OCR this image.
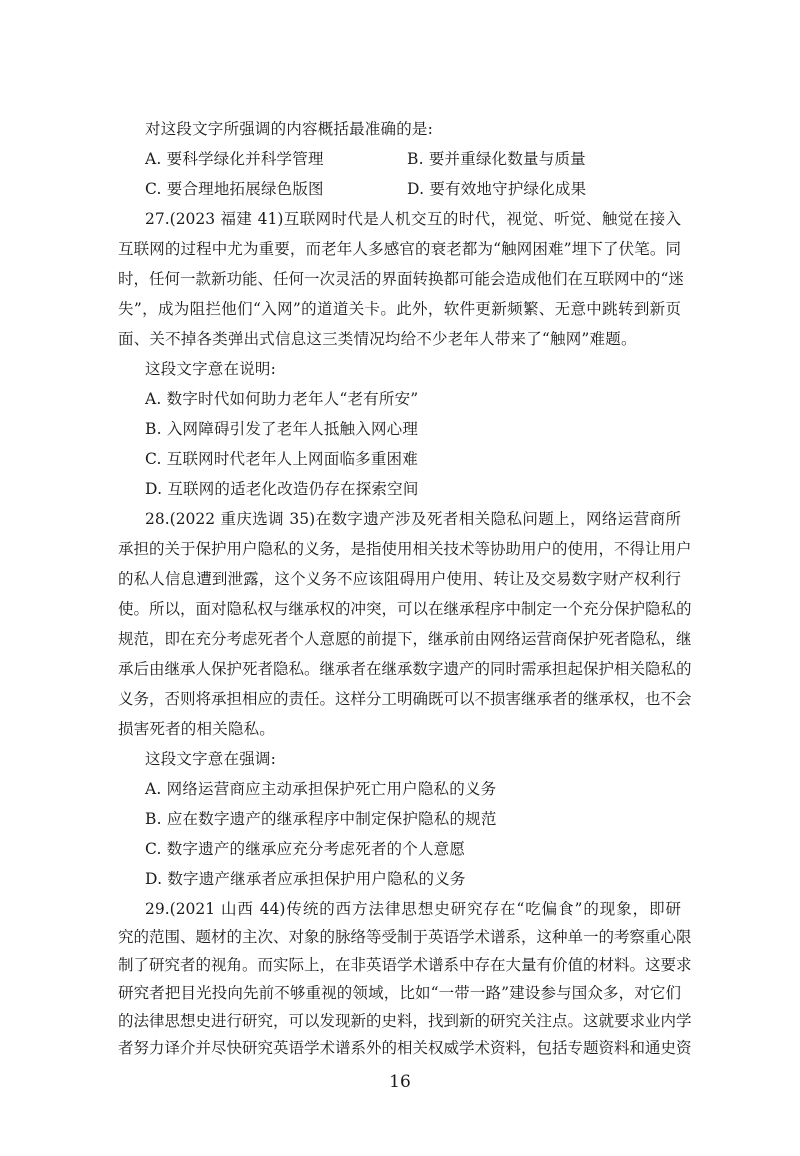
对这段文字所强调的内容概括最准确的是:
A. 要科学绿化并科学管理	B. 要并重绿化数量与质量
C. 要合理地拓展绿色版图	D. 要有效地守护绿化成果
27.(2023 福建 41)互联网时代是人机交互的时代，视觉、听觉、触觉在接入
互联网的过程中尤为重要，而老年人多感官的衰老都为“触网困难”埋下了伏笔。同
时，任何一款新功能、任何一次灵活的界面转换都可能会造成他们在互联网中的“迷
失”，成为阻拦他们“入网”的道道关卡。此外，软件更新频繁、无意中跳转到新页
面、关不掉各类弹出式信息这三类情况均给不少老年人带来了“触网”难题。
这段文字意在说明:
A. 数字时代如何助力老年人“老有所安”
B. 入网障碍引发了老年人抵触入网心理
C. 互联网时代老年人上网面临多重困难
D. 互联网的适老化改造仍存在探索空间
28.(2022 重庆选调 35)在数字遗产涉及死者相关隐私问题上，网络运营商所
承担的关于保护用户隐私的义务，是指使用相关技术等协助用户的使用，不得让用户
的私人信息遭到泄露，这个义务不应该阻碍用户使用、转让及交易数字财产权利行
使。所以，面对隐私权与继承权的冲突，可以在继承程序中制定一个充分保护隐私的
规范，即在充分考虑死者个人意愿的前提下，继承前由网络运营商保护死者隐私，继
承后由继承人保护死者隐私。继承者在继承数字遗产的同时需承担起保护相关隐私的
义务，否则将承担相应的责任。这样分工明确既可以不损害继承者的继承权，也不会
损害死者的相关隐私。
这段文字意在强调:
A. 网络运营商应主动承担保护死亡用户隐私的义务
B. 应在数字遗产的继承程序中制定保护隐私的规范
C. 数字遗产的继承应充分考虑死者的个人意愿
D. 数字遗产继承者应承担保护用户隐私的义务
29.(2021 山西 44)传统的西方法律思想史研究存在“吃偏食”的现象，即研
究的范围、题材的主次、对象的脉络等受制于英语学术谱系，这种单一的考察重心限
制了研究者的视角。而实际上，在非英语学术谱系中存在大量有价值的材料。这要求
研究者把目光投向先前不够重视的领域，比如“一带一路”建设参与国众多，对它们
的法律思想史进行研究，可以发现新的史料，找到新的研究关注点。这就要求业内学
16
者努力译介并尽快研究英语学术谱系外的相关权威学术资料，包括专题资料和通史资
